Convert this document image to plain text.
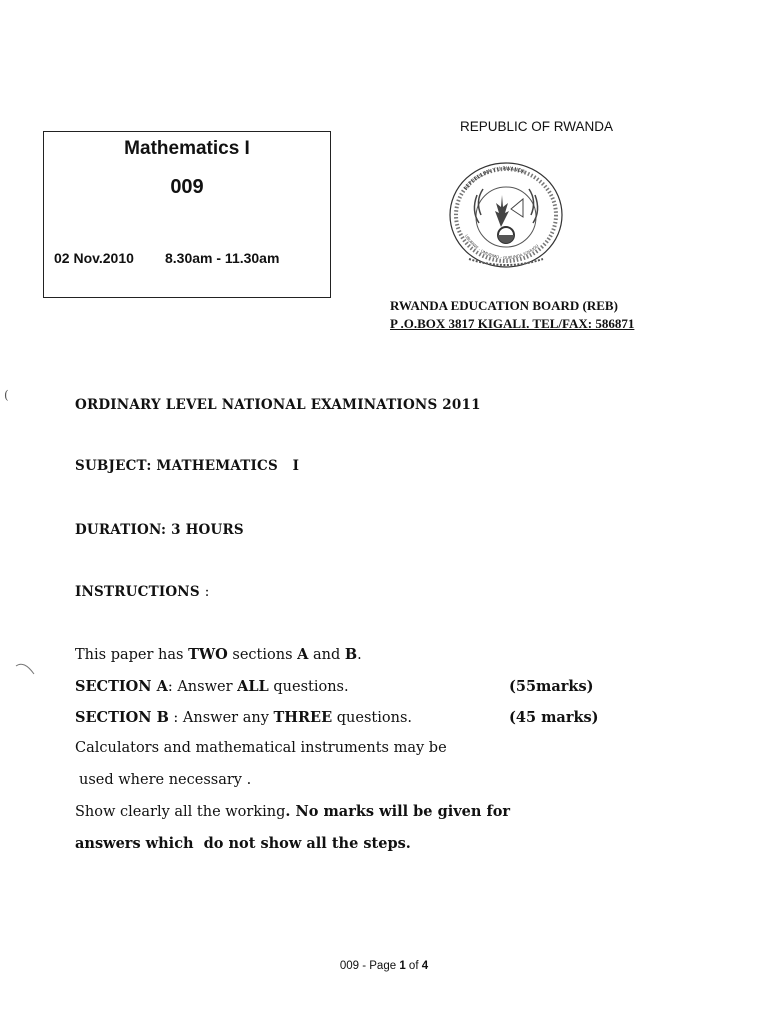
Mathematics I
009
02 Nov.2010 8.30am - 11.30am
REPUBLIC OF RWANDA
REPUBULIKA Y'U RWANDA
UBUMWE - UMURIMO - GUKUNDA IGIHUGU
RWANDA EDUCATION BOARD (REB)
P .O.BOX 3817 KIGALI. TEL/FAX: 586871
ORDINARY LEVEL NATIONAL EXAMINATIONS 2011
SUBJECT: MATHEMATICS   I
DURATION: 3 HOURS
INSTRUCTIONS :
This paper has TWO sections A and B.
SECTION A: Answer ALL questions.	(55marks)
SECTION B : Answer any THREE questions.	(45 marks)
Calculators and mathematical instruments may be
used where necessary .
Show clearly all the working. No marks will be given for
answers which  do not show all the steps.
(
009 - Page 1 of 4
